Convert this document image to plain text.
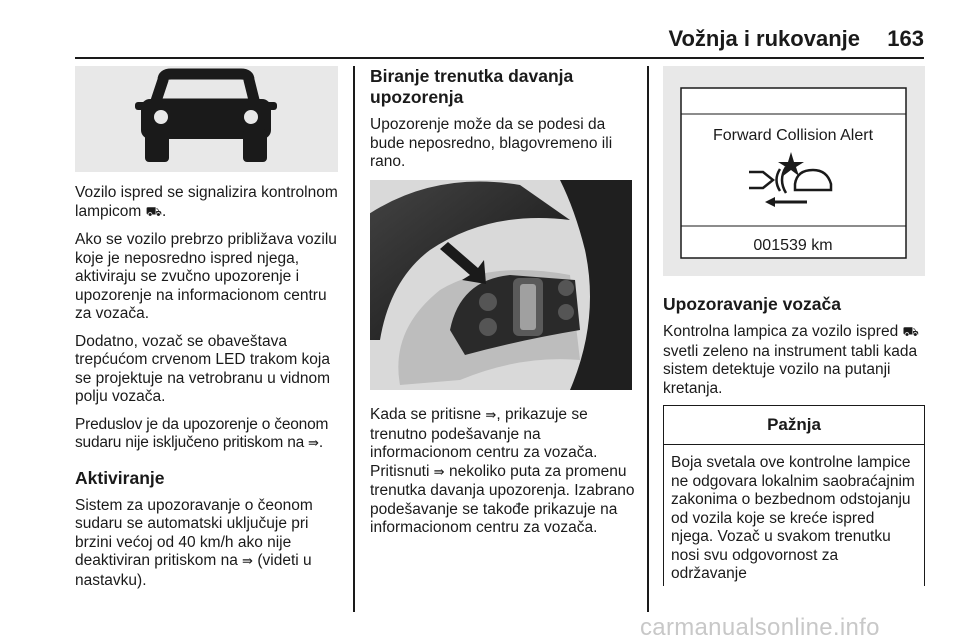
Vožnja i rukovanje 163

Vozilo ispred se signalizira kontrolnom lampicom ⛟.

Ako se vozilo prebrzo približava vozilu koje je neposredno ispred njega, aktiviraju se zvučno upozorenje i upozorenje na informacionom centru za vozača.

Dodatno, vozač se obaveštava trepćućom crvenom LED trakom koja se projektuje na vetrobranu u vidnom polju vozača.

Preduslov je da upozorenje o čeonom sudaru nije isključeno pritiskom na ⇛.

Aktiviranje

Sistem za upozoravanje o čeonom sudaru se automatski uključuje pri brzini većoj od 40 km/h ako nije deaktiviran pritiskom na ⇛ (videti u nastavku).

Biranje trenutka davanja upozorenja

Upozorenje može da se podesi da bude neposredno, blagovremeno ili rano.

Kada se pritisne ⇛, prikazuje se trenutno podešavanje na informacionom centru za vozača. Pritisnuti ⇛ nekoliko puta za promenu trenutka davanja upozorenja. Izabrano podešavanje se takođe prikazuje na informacionom centru za vozača.

Forward Collision Alert
001539 km
Upozoravanje vozača

Kontrolna lampica za vozilo ispred ⛟ svetli zeleno na instrument tabli kada sistem detektuje vozilo na putanji kretanja.

Pažnja
Boja svetala ove kontrolne lampice ne odgovara lokalnim saobraćajnim zakonima o bezbednom odstojanju od vozila koje se kreće ispred njega. Vozač u svakom trenutku nosi svu odgovornost za održavanje
carmanualsonline.info
